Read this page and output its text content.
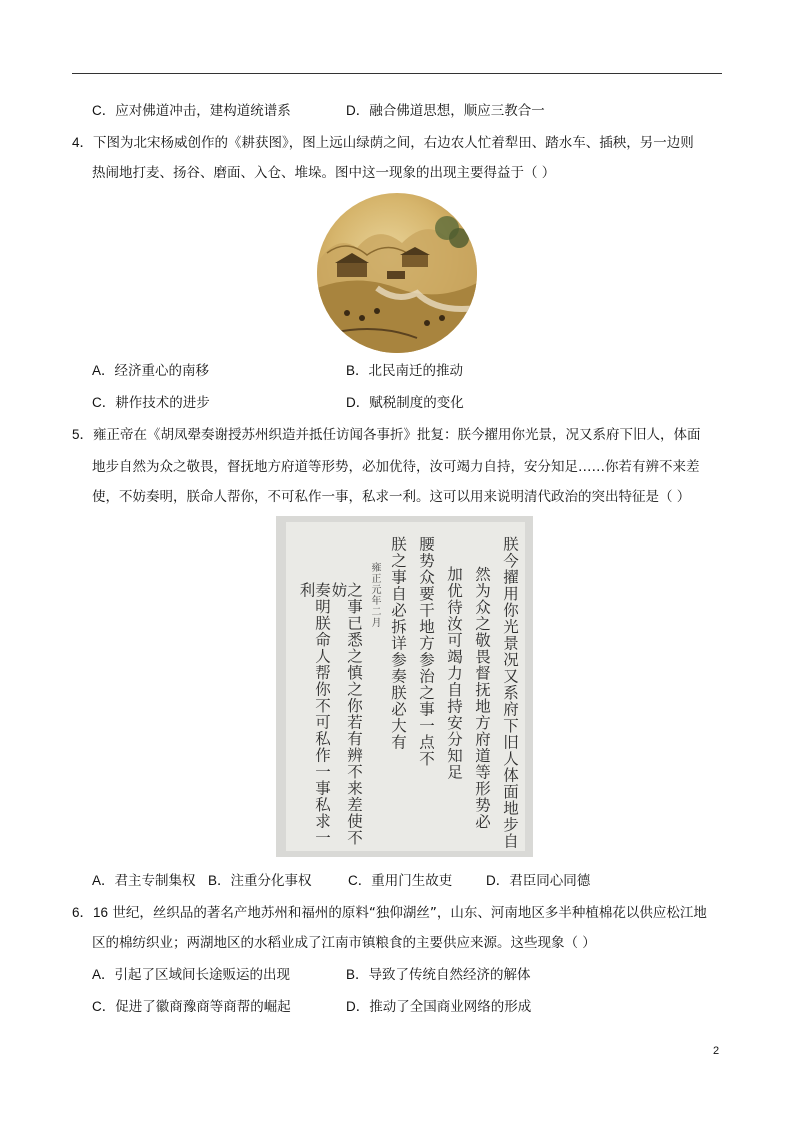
C．应对佛道冲击，建构道统谱系	D．融合佛道思想，顺应三教合一
4．下图为北宋杨威创作的《耕获图》，图上远山绿荫之间，右边农人忙着犁田、踏水车、插秧，另一边则
热闹地打麦、扬谷、磨面、入仓、堆垛。图中这一现象的出现主要得益于（ ）
A．经济重心的南移	B．北民南迁的推动
C．耕作技术的进步	D．赋税制度的变化
5．雍正帝在《胡凤翚奏谢授苏州织造并抵任访闻各事折》批复：朕今擢用你光景，况又系府下旧人，体面
地步自然为众之敬畏，督抚地方府道等形势，必加优待，汝可竭力自持，安分知足……你若有辨不来差
使，不妨奏明，朕命人帮你，不可私作一事，私求一利。这可以用来说明清代政治的突出特征是（ ）
朕今擢用你光景况又系府下旧人体面地步自
然为众之敬畏督抚地方府道等形势必
加优待汝可竭力自持安分知足
腰势众要干地方参治之事一点不
朕之事自必拆详参奏朕必大有
雍正元年二月
之事已悉之慎之你若有辨不来差使不妨
奏明朕命人帮你不可私作一事私求一利
A．君主专制集权 B．注重分化事权	C．重用门生故吏	D．君臣同心同德
6．16 世纪，丝织品的著名产地苏州和福州的原料“独仰湖丝”，山东、河南地区多半种植棉花以供应松江地
区的棉纺织业；两湖地区的水稻业成了江南市镇粮食的主要供应来源。这些现象（ ）
A．引起了区域间长途贩运的出现	B．导致了传统自然经济的解体
C．促进了徽商豫商等商帮的崛起	D．推动了全国商业网络的形成
2
